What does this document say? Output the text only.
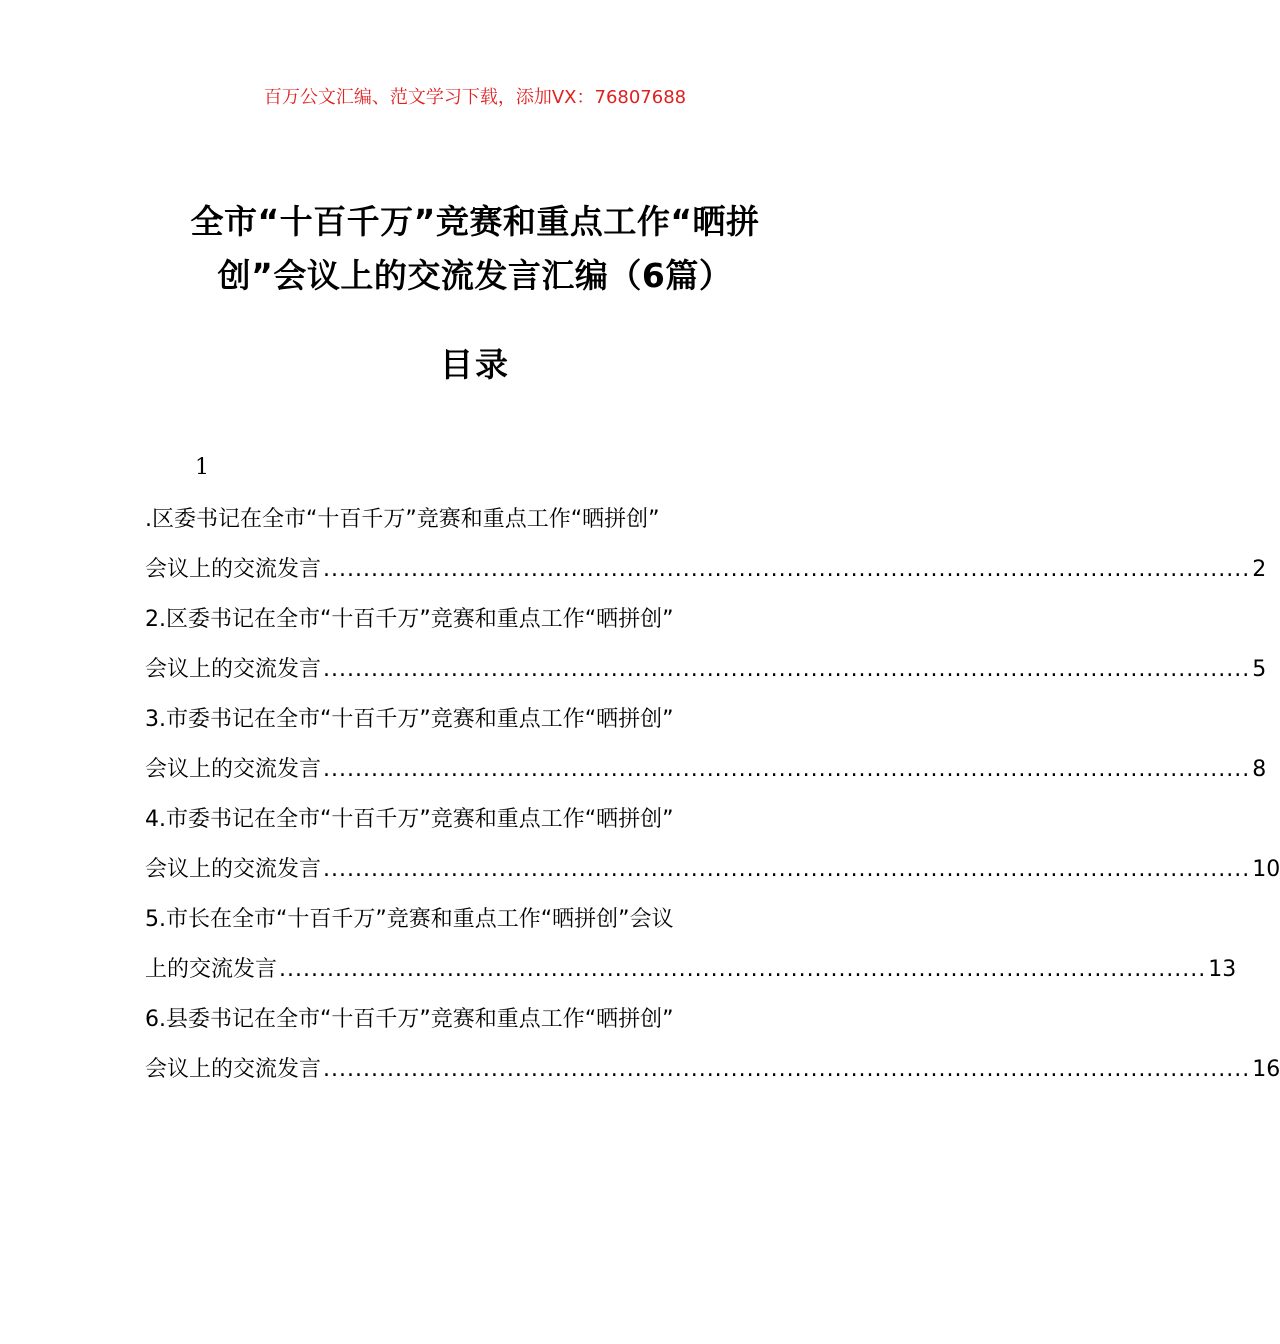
百万公文汇编、范文学习下载，添加VX：76807688
全市“十百千万”竞赛和重点工作“晒拼
创”会议上的交流发言汇编（6篇）
目录
1
.区委书记在全市“十百千万”竞赛和重点工作“晒拼创”
会议上的交流发言 .................................................................................................................... 2
2.区委书记在全市“十百千万”竞赛和重点工作“晒拼创”
会议上的交流发言 .................................................................................................................... 5
3.市委书记在全市“十百千万”竞赛和重点工作“晒拼创”
会议上的交流发言 .................................................................................................................... 8
4.市委书记在全市“十百千万”竞赛和重点工作“晒拼创”
会议上的交流发言 .................................................................................................................... 10
5.市长在全市“十百千万”竞赛和重点工作“晒拼创”会议
上的交流发言 .................................................................................................................... 13
6.县委书记在全市“十百千万”竞赛和重点工作“晒拼创”
会议上的交流发言 .................................................................................................................... 16
